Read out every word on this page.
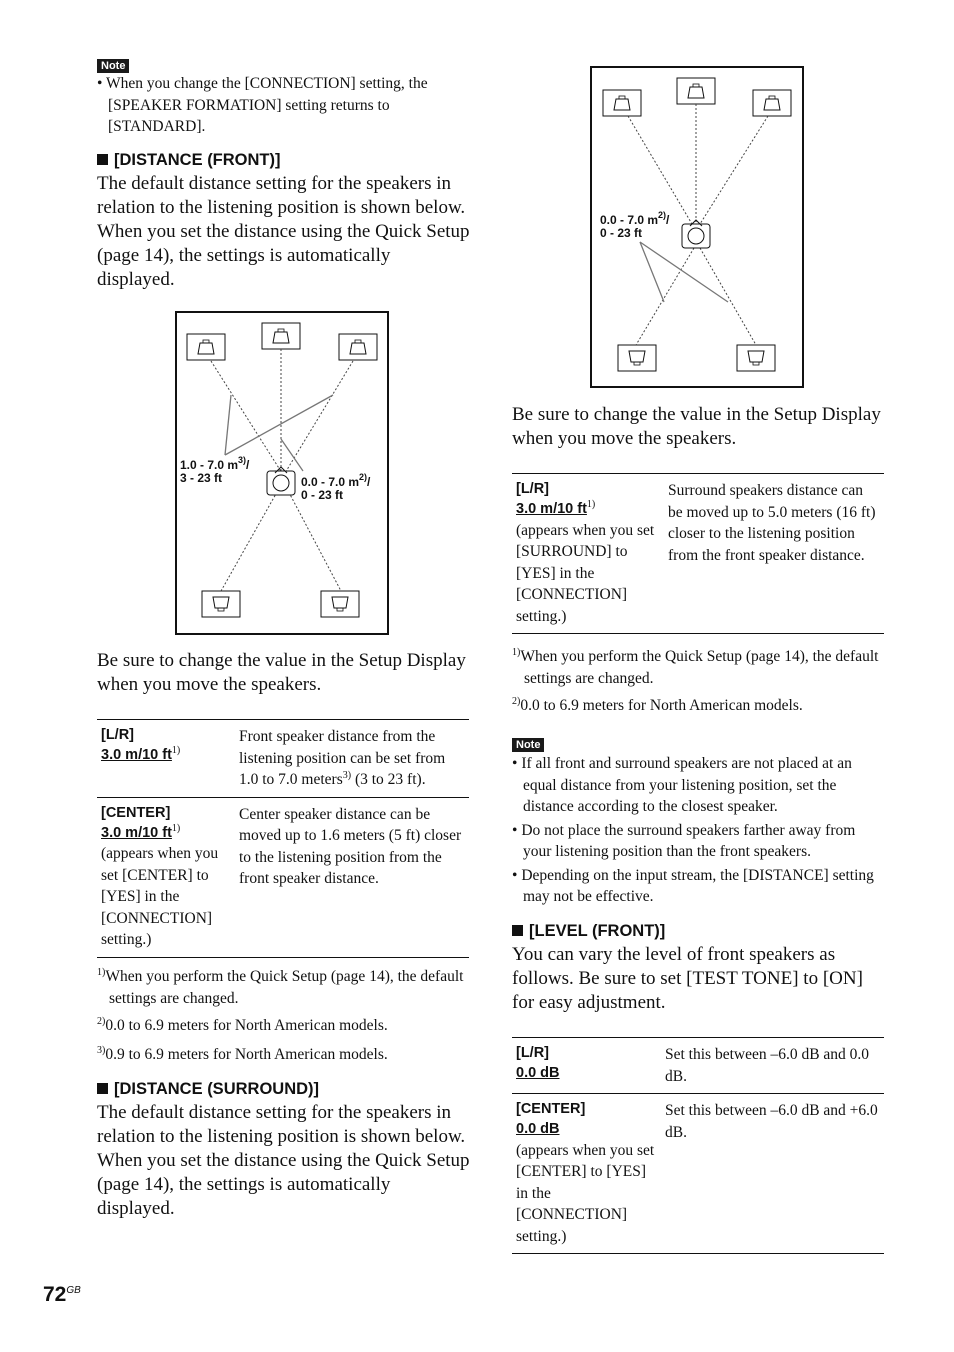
Note
• When you change the [CONNECTION] setting, the [SPEAKER FORMATION] setting returns to [STANDARD].
[DISTANCE (FRONT)]
The default distance setting for the speakers in relation to the listening position is shown below. When you set the distance using the Quick Setup (page 14), the settings is automatically displayed.
1.0 - 7.0 $m^{3)}/$
3 - 23 ft	0.0 - 7.0 $m^{2)}/$
0 - 23 ft
Be sure to change the value in the Setup Display when you move the speakers.
[L/R]
3.0 m/10 $ft^{1)}$	Front speaker distance from the listening position can be set from 1.0 to 7.0 meters$^{3)}$ (3 to 23 ft).

[CENTER]
3.0 m/10 $ft^{1)}$
(appears when you set [CENTER] to [YES] in the [CONNECTION] setting.)	Center speaker distance can be moved up to 1.6 meters (5 ft) closer to the listening position from the front speaker distance.
$^{1)}$When you perform the Quick Setup (page 14), the default settings are changed.
$^{2)}$0.0 to 6.9 meters for North American models.
$^{3)}$0.9 to 6.9 meters for North American models.
[DISTANCE (SURROUND)]
The default distance setting for the speakers in relation to the listening position is shown below. When you set the distance using the Quick Setup (page 14), the settings is automatically displayed.
0.0 - 7.0 $m^{2)}/$
0 - 23 ft
Be sure to change the value in the Setup Display when you move the speakers.
[L/R]
3.0 m/10 $ft^{1)}$
(appears when you set [SURROUND] to [YES] in the [CONNECTION] setting.)	Surround speakers distance can be moved up to 5.0 meters (16 ft) closer to the listening position from the front speaker distance.
$^{1)}$When you perform the Quick Setup (page 14), the default settings are changed.
$^{2)}$0.0 to 6.9 meters for North American models.
Note
• If all front and surround speakers are not placed at an equal distance from your listening position, set the distance according to the closest speaker.
• Do not place the surround speakers farther away from your listening position than the front speakers.
• Depending on the input stream, the [DISTANCE] setting may not be effective.
[LEVEL (FRONT)]
You can vary the level of front speakers as follows. Be sure to set [TEST TONE] to [ON] for easy adjustment.
[L/R]
0.0 dB	Set this between –6.0 dB and 0.0 dB.

[CENTER]
0.0 dB
(appears when you set [CENTER] to [YES] in the [CONNECTION] setting.)	Set this between –6.0 dB and +6.0 dB.
$72^{GB}$
